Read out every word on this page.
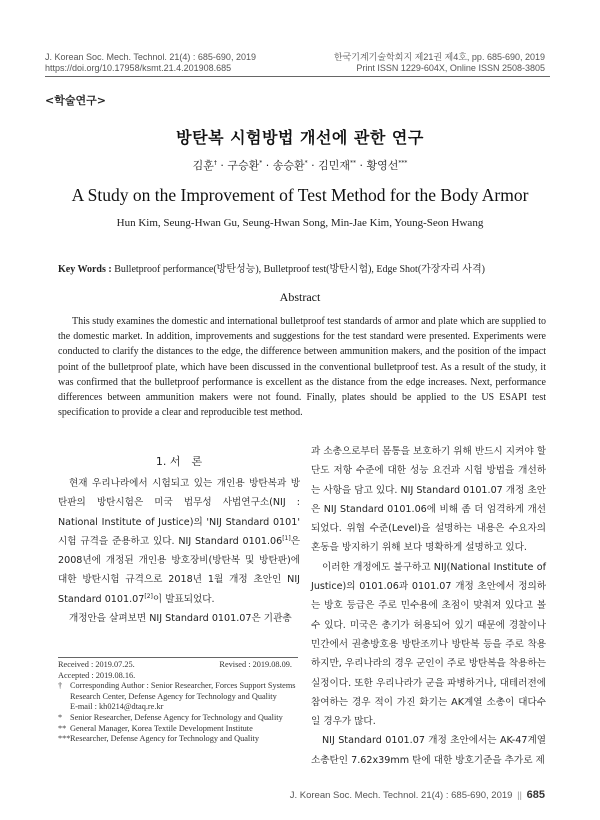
J. Korean Soc. Mech. Technol. 21(4) : 685-690, 2019
https://doi.org/10.17958/ksmt.21.4.201908.685
한국기계기술학회지 제21권 제4호, pp. 685-690, 2019
Print ISSN 1229-604X, Online ISSN 2508-3805
<학술연구>
방탄복 시험방법 개선에 관한 연구
김훈† · 구승환* · 송승환* · 김민재** · 황영선***
A Study on the Improvement of Test Method for the Body Armor
Hun Kim, Seung-Hwan Gu, Seung-Hwan Song, Min-Jae Kim, Young-Seon Hwang
Key Words : Bulletproof performance(방탄성능), Bulletproof test(방탄시험), Edge Shot(가장자리 사격)
Abstract
This study examines the domestic and international bulletproof test standards of armor and plate which are supplied to the domestic market. In addition, improvements and suggestions for the test standard were presented. Experiments were conducted to clarify the distances to the edge, the difference between ammunition makers, and the position of the impact point of the bulletproof plate, which have been discussed in the conventional bulletproof test. As a result of the study, it was confirmed that the bulletproof performance is excellent as the distance from the edge increases. Next, performance differences between ammunition makers were not found. Finally, plates should be applied to the US ESAPI test specification to provide a clear and reproducible test method.
1. 서　론

현재 우리나라에서 시험되고 있는 개인용 방탄복과 방탄판의 방탄시험은 미국 법무성 사법연구소(NIJ : National Institute of Justice)의 'NIJ Standard 0101' 시험 규격을 준용하고 있다. NIJ Standard 0101.06[1]은 2008년에 개정된 개인용 방호장비(방탄복 및 방탄판)에 대한 방탄시험 규격으로 2018년 1월 개정 초안인 NIJ Standard 0101.07[2]이 발표되었다.

개정안을 살펴보면 NIJ Standard 0101.07은 기관총

Received : 2019.07.25.	Revised : 2019.08.09.
Accepted : 2019.08.16.
† Corresponding Author : Senior Researcher, Forces Support Systems Research Center, Defense Agency for Technology and Quality
E-mail : kh0214@dtaq.re.kr
* Senior Researcher, Defense Agency for Technology and Quality
** General Manager, Korea Textile Development Institute
*** Researcher, Defense Agency for Technology and Quality

과 소총으로부터 몸통을 보호하기 위해 반드시 지켜야 할 단도 저항 수준에 대한 성능 요건과 시험 방법을 개선하는 사항을 담고 있다. NIJ Standard 0101.07 개정 초안은 NIJ Standard 0101.06에 비해 좀 더 엄격하게 개선되었다. 위협 수준(Level)을 설명하는 내용은 수요자의 혼동을 방지하기 위해 보다 명확하게 설명하고 있다.

이러한 개정에도 불구하고 NIJ(National Institute of Justice)의 0101.06과 0101.07 개정 초안에서 정의하는 방호 등급은 주로 민수용에 초점이 맞춰져 있다고 볼 수 있다. 미국은 총기가 허용되어 있기 때문에 경찰이나 민간에서 권총방호용 방탄조끼나 방탄복 등을 주로 착용하지만, 우리나라의 경우 군인이 주로 방탄복을 착용하는 실정이다. 또한 우리나라가 군을 파병하거나, 대테러전에 참여하는 경우 적이 가진 화기는 AK계열 소총이 대다수일 경우가 많다.

NIJ Standard 0101.07 개정 초안에서는 AK-47계열 소총탄인 7.62x39mm 탄에 대한 방호기준을 추가로 제

J. Korean Soc. Mech. Technol. 21(4) : 685-690, 2019 || 685
